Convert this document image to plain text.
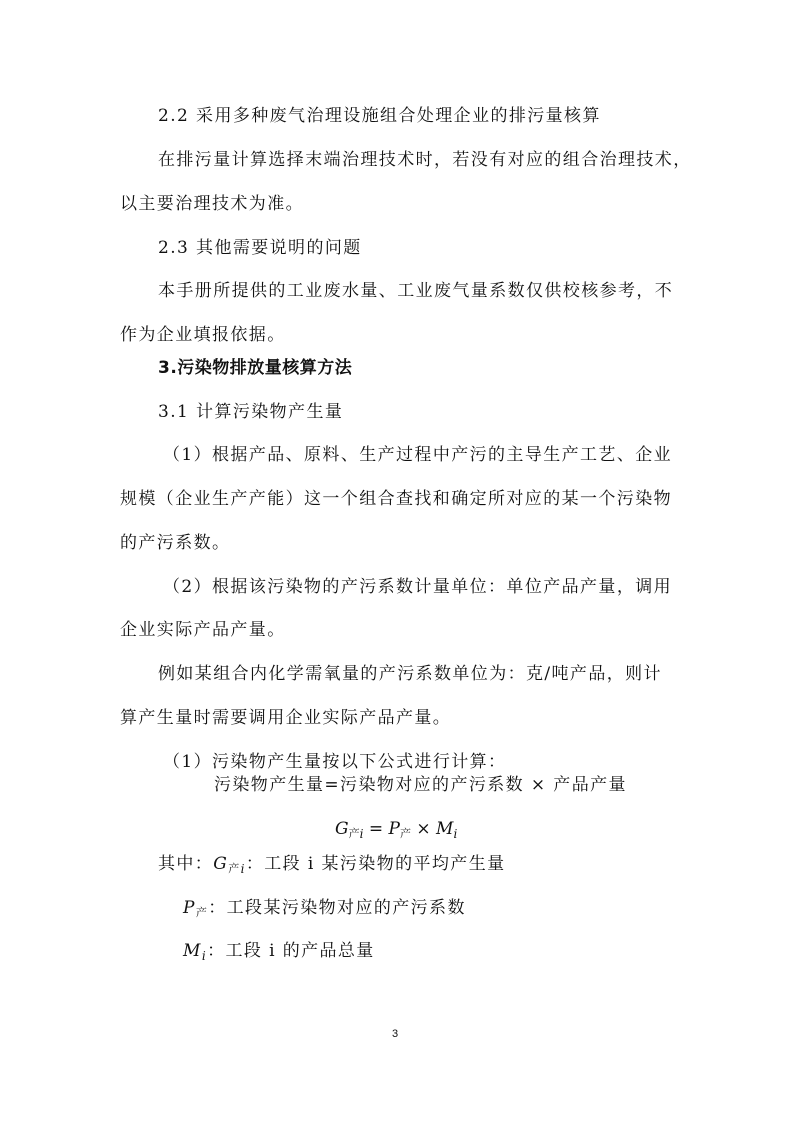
2.2 采用多种废气治理设施组合处理企业的排污量核算
在排污量计算选择末端治理技术时，若没有对应的组合治理技术，
以主要治理技术为准。
2.3 其他需要说明的问题
本手册所提供的工业废水量、工业废气量系数仅供校核参考，不
作为企业填报依据。
3.污染物排放量核算方法
3.1 计算污染物产生量
（1）根据产品、原料、生产过程中产污的主导生产工艺、企业
规模（企业生产产能）这一个组合查找和确定所对应的某一个污染物
的产污系数。
（2）根据该污染物的产污系数计量单位：单位产品产量，调用
企业实际产品产量。
例如某组合内化学需氧量的产污系数单位为：克/吨产品，则计
算产生量时需要调用企业实际产品产量。
（1）污染物产生量按以下公式进行计算：
污染物产生量=污染物对应的产污系数 × 产品产量
$G_{产i} = P_产 \times M_i$
其中：$G_{产i}$：工段 i 某污染物的平均产生量
$P_产$：工段某污染物对应的产污系数
$M_i$：工段 i 的产品总量
3
